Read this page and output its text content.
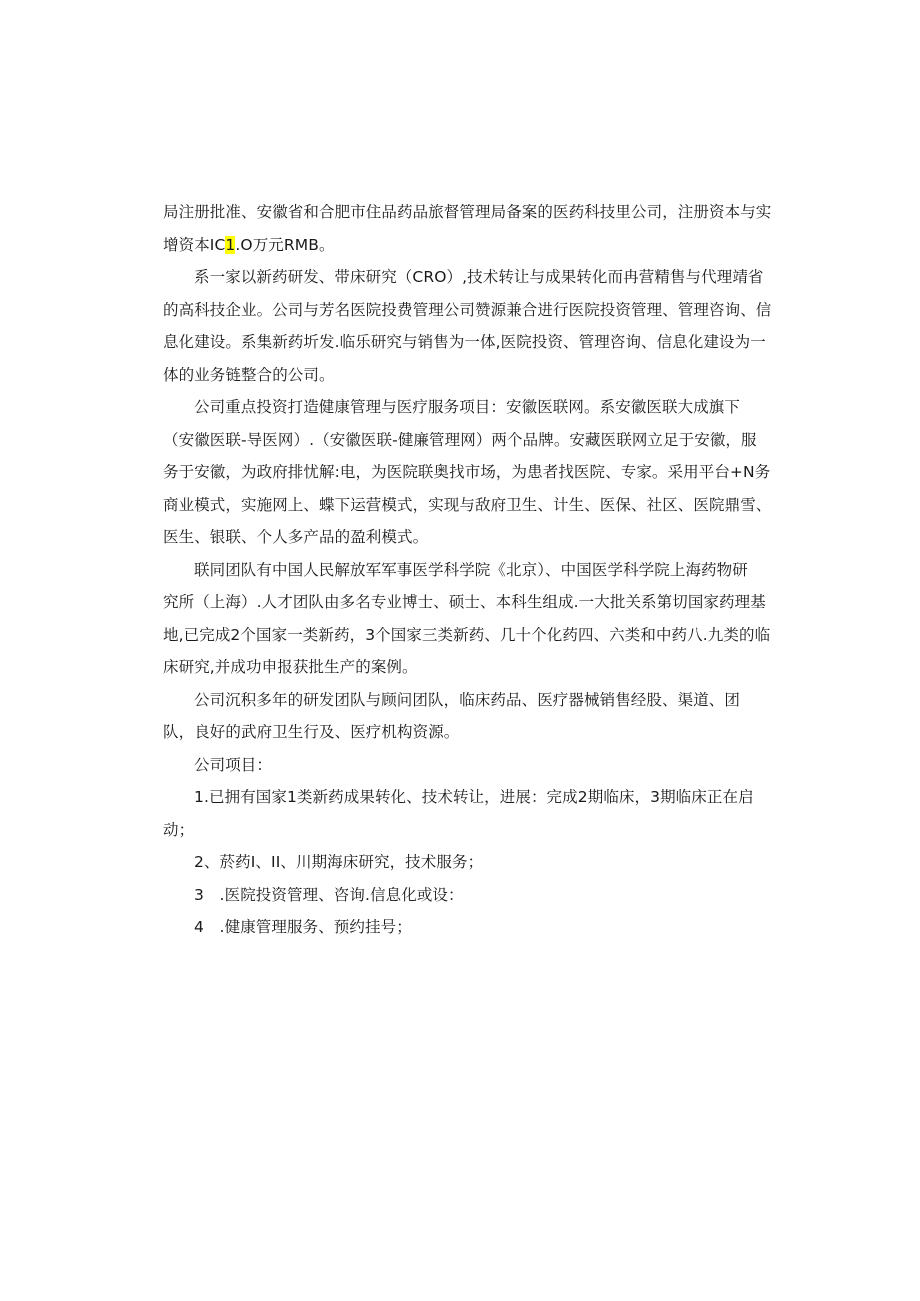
局注册批准、安徽省和合肥市住品药品旅督管理局备案的医药科技里公司，注册资本与实
增资本IC1.O万元RMB。
系一家以新药研发、带床研究（CRO）,技术转让与成果转化而冉营精售与代理靖省
的高科技企业。公司与芳名医院投费管理公司赞源兼合进行医院投资管理、管理咨询、信
息化建设。系集新药圻发.临乐研究与销售为一体,医院投资、管理咨询、信息化建设为一
体的业务链整合的公司。
公司重点投资打造健康管理与医疗服务项目：安徽医联网。系安徽医联大成旗下
（安徽医联-导医网）.（安徽医联-健廉管理网）两个品牌。安藏医联网立足于安徽，服
务于安徽，为政府排忧解:电，为医院联奥找市场，为患者找医院、专家。采用平台+N务
商业模式，实施网上、蝶下运营模式，实现与敌府卫生、计生、医保、社区、医院鼎雪、
医生、银联、个人多产品的盈利模式。
联同团队有中国人民解放军军事医学科学院《北京）、中国医学科学院上海药物研
究所（上海）.人才团队由多名专业博士、硕士、本科生组成.一大批关系第切国家药理基
地,已完成2个国家一类新药，3个国家三类新药、几十个化药四、六类和中药八.九类的临
床研究,并成功申报获批生产的案例。
公司沉积多年的研发团队与顾问团队，临床药品、医疗器械销售经股、渠道、团
队，良好的武府卫生行及、医疗机构资源。
公司项目：
1.已拥有国家1类新药成果转化、技术转让，进展：完成2期临床，3期临床正在启
动；
2、菸药I、II、川期海床研究，技术服务；
3　.医院投资管理、咨询.信息化或设：
4　.健康管理服务、预约挂号；
